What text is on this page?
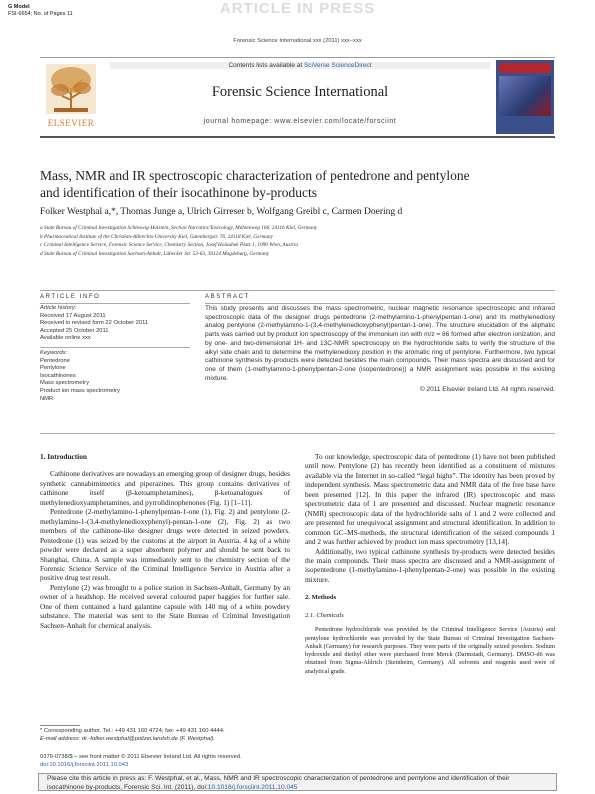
G Model
FSI-6654; No. of Pages 11	ARTICLE IN PRESS
Forensic Science International xxx (2011) xxx–xxx
ELSEVIER
Contents lists available at SciVerse ScienceDirect
Forensic Science International
journal homepage: www.elsevier.com/locate/forsciint
Mass, NMR and IR spectroscopic characterization of pentedrone and pentylone
and identification of their isocathinone by-products
Folker Westphal a,*, Thomas Junge a, Ulrich Girreser b, Wolfgang Greibl c, Carmen Doering d
a State Bureau of Criminal Investigation Schleswig-Holstein, Section Narcotics/Toxicology, Mühlenweg 166, 24116 Kiel, Germany
b Pharmaceutical Institute of the Christian-Albrechts-University Kiel, Gutenbergstr. 76, 24118 Kiel, Germany
c Criminal Intelligence Service, Forensic Science Service, Chemistry Section, Josef Holaubek Platz 1, 1090 Wien, Austria
d State Bureau of Criminal Investigation Sachsen-Anhalt, Lübecker Str. 53-63, 39124 Magdeburg, Germany
ARTICLE INFO	ABSTRACT
Article history:
Received 17 August 2011
Received in revised form 22 October 2011
Accepted 25 October 2011
Available online xxx
Keywords:
Pentedrone
Pentylone
Isocathinones
Mass spectrometry
Product ion mass spectrometry
NMR
This study presents and discusses the mass spectrometric, nuclear magnetic resonance spectroscopic and infrared spectroscopic data of the designer drugs pentedrone (2-methylamino-1-phenylpentan-1-one) and its methylenedioxy analog pentylone (2-methylamino-1-(3,4-methylenedioxyphenyl)pentan-1-one). The structure elucidation of the aliphatic parts was carried out by product ion spectroscopy of the immonium ion with m/z = 86 formed after electron ionization, and by one- and two-dimensional 1H- and 13C-NMR spectroscopy on the hydrochloride salts to verify the structure of the alkyl side chain and to determine the methylenedioxy position in the aromatic ring of pentylone. Furthermore, two typical cathinone synthesis by-products were detected besides the main compounds. Their mass spectra are discussed and for one of them (1-methylamino-1-phenylpentan-2-one (isopentedrone)) a NMR assignment was possible in the existing mixture.
© 2011 Elsevier Ireland Ltd. All rights reserved.
1. Introduction

Cathinone derivatives are nowadays an emerging group of designer drugs, besides synthetic cannabimimetics and piperazines. This group contains derivatives of cathinone itself (β-ketoamphetamines), β-ketoanalogues of methylenedioxyamphetamines, and pyrrolidinophenones (Fig. 1) [1–11].

Pentedrone (2-methylamino-1-phenylpentan-1-one (1), Fig. 2) and pentylone (2-methylamino-1-(3,4-methylenedioxyphenyl)-pentan-1-one (2), Fig. 2) as two members of the cathinone-like designer drugs were detected in seized powders. Pentedrone (1) was seized by the customs at the airport in Austria. 4 kg of a white powder were declared as a super absorbent polymer and should be sent back to Shanghai, China. A sample was immediately sent to the chemistry section of the Forensic Science Service of the Criminal Intelligence Service in Austria after a positive drug test result.

Pentylone (2) was brought to a police station in Sachsen-Anhalt, Germany by an owner of a headshop. He received several coloured paper baggies for further sale. One of them contained a hard galantine capsule with 140 mg of a white powdery substance. The material was sent to the State Bureau of Criminal Investigation Sachsen-Anhalt for chemical analysis.

To our knowledge, spectroscopic data of pentedrone (1) have not been published until now. Pentylone (2) has recently been identified as a constituent of mixtures available via the Internet in so-called “legal highs”. The identity has been proved by independent synthesis. Mass spectrometric data and NMR data of the free base have been presented [12]. In this paper the infrared (IR) spectroscopic and mass spectrometric data of 1 are presented and discussed. Nuclear magnetic resonance (NMR) spectroscopic data of the hydrochloride salts of 1 and 2 were collected and are presented for unequivocal assignment and structural identification. In addition to common GC–MS-methods, the structural identification of the seized compounds 1 and 2 was further achieved by product ion mass spectrometry [13,14].

Additionally, two typical cathinone synthesis by-products were detected besides the main compounds. Their mass spectra are discussed and a NMR-assignment of isopentedrone (1-methylamino-1-phenylpentan-2-one) was possible in the existing mixture.

2. Methods
2.1. Chemicals

Pentedrone hydrochloride was provided by the Criminal Intelligence Service (Austria) and pentylone hydrochloride was provided by the State Bureau of Criminal Investigation Sachsen-Anhalt (Germany) for research purposes. They were parts of the originally seized powders. Sodium hydroxide and diethyl ether were purchased from Merck (Darmstadt, Germany). DMSO-d6 was obtained from Sigma-Aldrich (Steinheim, Germany). All solvents and reagents used were of analytical grade.

* Corresponding author. Tel.: +49 431 160 4724; fax: +49 431 160 4444.
E-mail address: dr.-folker.westphal@polizei.landsh.de (F. Westphal).
0379-0738/$ – see front matter © 2011 Elsevier Ireland Ltd. All rights reserved.
doi:10.1016/j.forsciint.2011.10.043
Please cite this article in press as: F. Westphal, et al., Mass, NMR and IR spectroscopic characterization of pentedrone and pentylone and identification of their isocathinone by-products, Forensic Sci. Int. (2011), doi:10.1016/j.forsciint.2011.10.045
